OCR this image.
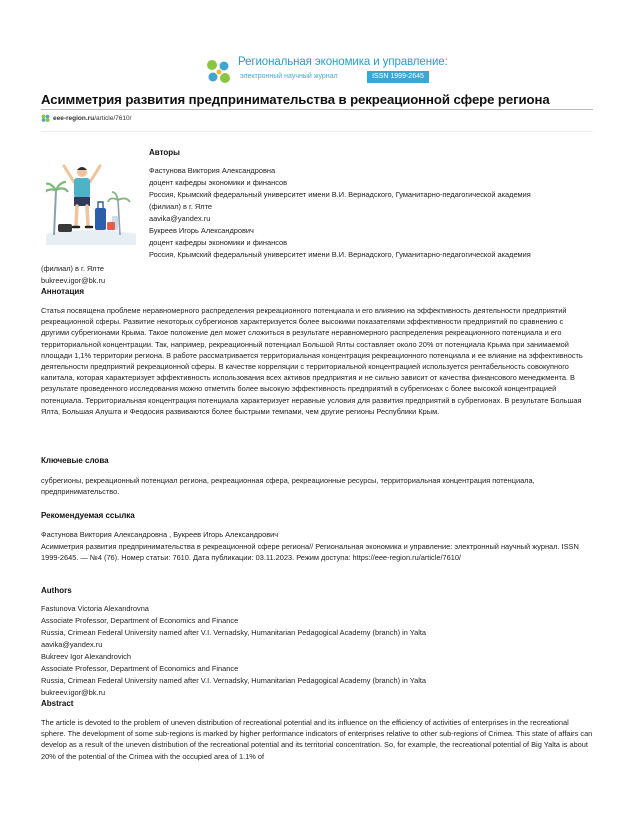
Региональная экономика и управление:
электронный научный журнал	ISSN 1999-2645
Асимметрия развития предпринимательства в рекреационной сфере региона
eee-region.ru/article/7610/
Авторы
Фастунова Виктория Александровна
доцент кафедры экономики и финансов
Россия, Крымский федеральный университет имени В.И. Вернадского, Гуманитарно-педагогической академия
(филиал) в г. Ялте
aavika@yandex.ru
Букреев Игорь Александрович
доцент кафедры экономики и финансов
Россия, Крымский федеральный университет имени В.И. Вернадского, Гуманитарно-педагогической академия
(филиал) в г. Ялте
bukreev.igor@bk.ru
Аннотация

Статья посвящена проблеме неравномерного распределения рекреационного потенциала и его влиянию на эффективность деятельности предприятий рекреационной сферы. Развитие некоторых субрегионов характеризуется более высокими показателями эффективности предприятий по сравнению с другими субрегионами Крыма. Такое положение дел может сложиться в результате неравномерного распределения рекреационного потенциала и его территориальной концентрации. Так, например, рекреационный потенциал Большой Ялты составляет около 20% от потенциала Крыма при занимаемой площади 1,1% территории региона. В работе рассматривается территориальная концентрация рекреационного потенциала и ее влияние на эффективность деятельности предприятий рекреационной сферы. В качестве корреляции с территориальной концентрацией используется рентабельность совокупного капитала, которая характеризует эффективность использования всех активов предприятия и не сильно зависит от качества финансового менеджмента. В результате проведенного исследования можно отметить более высокую эффективность предприятий в субрегионах с более высокой концентрацией потенциала. Территориальная концентрация потенциала характеризует неравные условия для развития предприятий в субрегионах. В результате Большая Ялта, Большая Алушта и Феодосия развиваются более быстрыми темпами, чем другие регионы Республики Крым.

Ключевые слова

субрегионы, рекреационный потенциал региона, рекреационная сфера, рекреационные ресурсы, территориальная концентрация потенциала, предпринимательство.

Рекомендуемая ссылка
Фастунова Виктория Александровна , Букреев Игорь Александрович

Асимметрия развития предпринимательства в рекреационной сфере региона// Региональная экономика и управление: электронный научный журнал. ISSN 1999-2645. — №4 (76). Номер статьи: 7610. Дата публикации: 03.11.2023. Режим доступа: https://eee-region.ru/article/7610/

Authors
Fastunova Victoria Alexandrovna
Associate Professor, Department of Economics and Finance
Russia, Crimean Federal University named after V.I. Vernadsky, Humanitarian Pedagogical Academy (branch) in Yalta
aavika@yandex.ru
Bukreev Igor Alexandrovich
Associate Professor, Department of Economics and Finance
Russia, Crimean Federal University named after V.I. Vernadsky, Humanitarian Pedagogical Academy (branch) in Yalta
bukreev.igor@bk.ru
Abstract

The article is devoted to the problem of uneven distribution of recreational potential and its influence on the efficiency of activities of enterprises in the recreational sphere. The development of some sub-regions is marked by higher performance indicators of enterprises relative to other sub-regions of Crimea. This state of affairs can develop as a result of the uneven distribution of the recreational potential and its territorial concentration. So, for example, the recreational potential of Big Yalta is about 20% of the potential of the Crimea with the occupied area of 1.1% of
